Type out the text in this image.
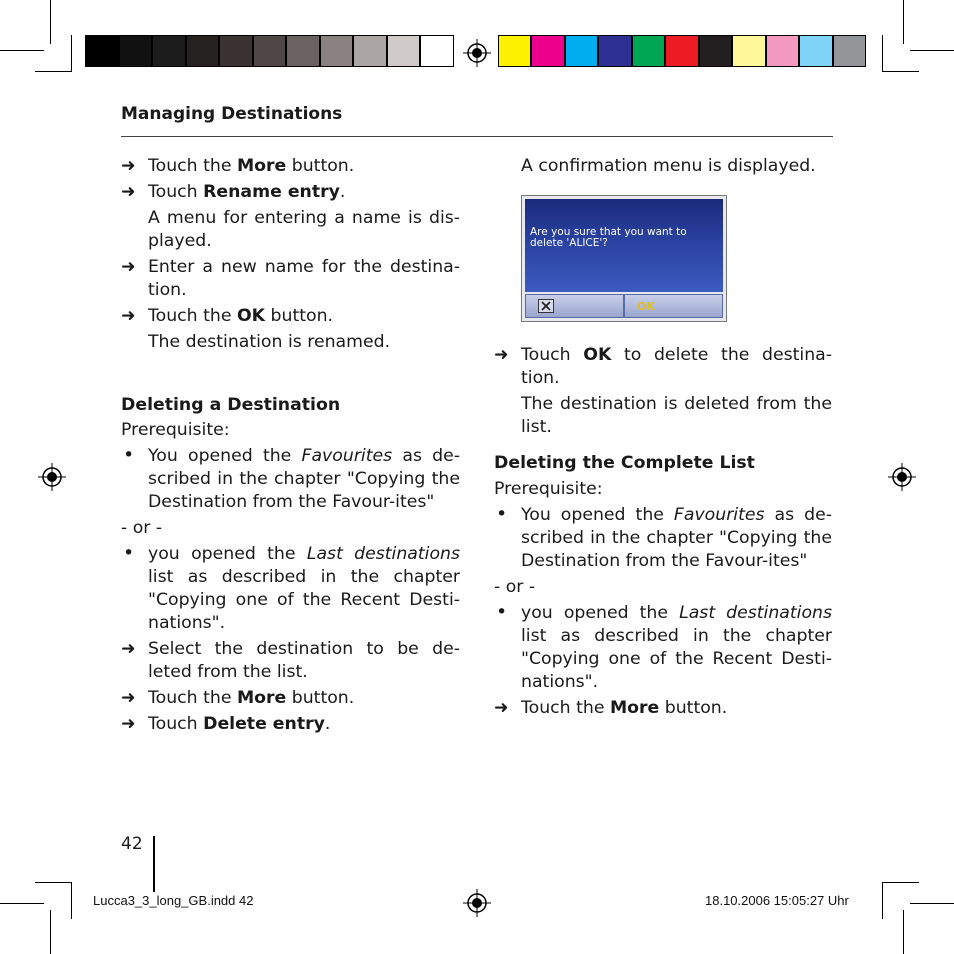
Managing Destinations

➜ Touch the More button.

➜ Touch Rename entry.

A menu for entering a name is dis-played.

➜ Enter a new name for the destina-tion.

➜ Touch the OK button.

The destination is renamed.

Deleting a Destination

Prerequisite:

• You opened the Favourites as de-scribed in the chapter "Copying the Destination from the Favour-ites"

- or -

• you opened the Last destinations list as described in the chapter "Copying one of the Recent Desti-nations".

➜ Select the destination to be de-leted from the list.

➜ Touch the More button.

➜ Touch Delete entry.

A confirmation menu is displayed.

Are you sure that you want to delete 'ALICE'?
OK

➜ Touch OK to delete the destina-tion.

The destination is deleted from the list.

Deleting the Complete List

Prerequisite:

• You opened the Favourites as de-scribed in the chapter "Copying the Destination from the Favour-ites"

- or -

• you opened the Last destinations list as described in the chapter "Copying one of the Recent Desti-nations".

➜ Touch the More button.

42
Lucca3_3_long_GB.indd 42	18.10.2006 15:05:27 Uhr
